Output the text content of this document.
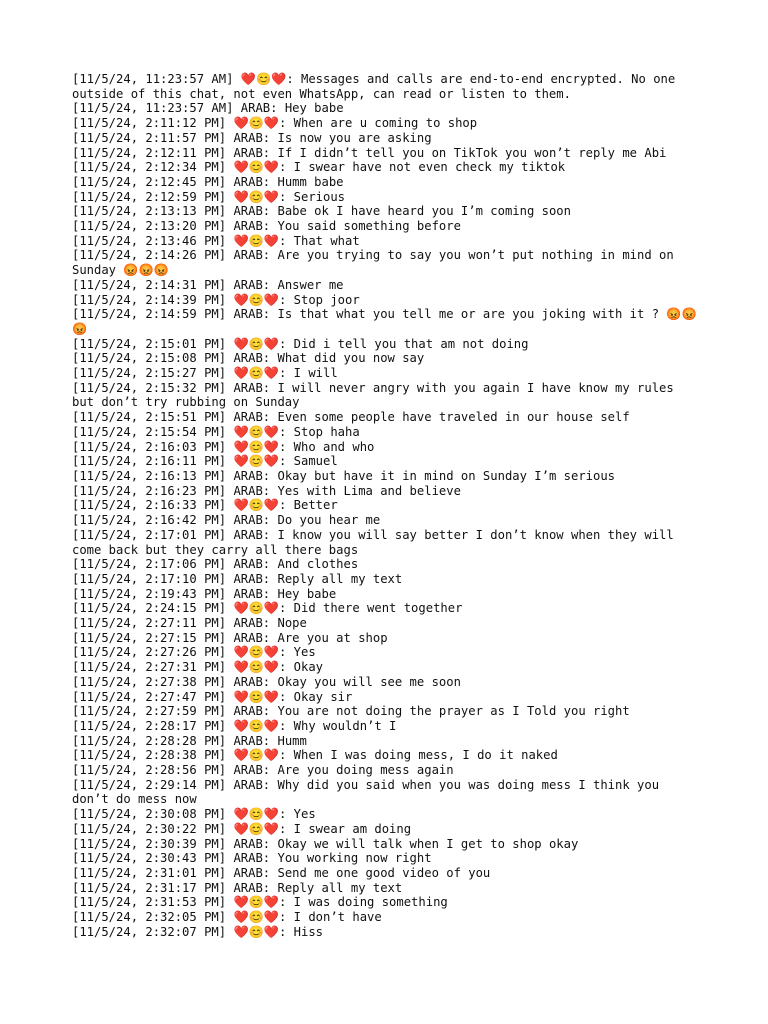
[11/5/24, 11:23:57 AM] ❤️😊❤️: Messages and calls are end-to-end encrypted. No one outside of this chat, not even WhatsApp, can read or listen to them.
[11/5/24, 11:23:57 AM] ARAB: Hey babe
[11/5/24, 2:11:12 PM] ❤️😊❤️: When are u coming to shop
[11/5/24, 2:11:57 PM] ARAB: Is now you are asking
[11/5/24, 2:12:11 PM] ARAB: If I didn’t tell you on TikTok you won’t reply me Abi
[11/5/24, 2:12:34 PM] ❤️😊❤️: I swear have not even check my tiktok
[11/5/24, 2:12:45 PM] ARAB: Humm babe
[11/5/24, 2:12:59 PM] ❤️😊❤️: Serious
[11/5/24, 2:13:13 PM] ARAB: Babe ok I have heard you I’m coming soon
[11/5/24, 2:13:20 PM] ARAB: You said something before
[11/5/24, 2:13:46 PM] ❤️😊❤️: That what
[11/5/24, 2:14:26 PM] ARAB: Are you trying to say you won’t put nothing in mind on Sunday 😡😡😡
[11/5/24, 2:14:31 PM] ARAB: Answer me
[11/5/24, 2:14:39 PM] ❤️😊❤️: Stop joor
[11/5/24, 2:14:59 PM] ARAB: Is that what you tell me or are you joking with it ? 😡😡😡
[11/5/24, 2:15:01 PM] ❤️😊❤️: Did i tell you that am not doing
[11/5/24, 2:15:08 PM] ARAB: What did you now say
[11/5/24, 2:15:27 PM] ❤️😊❤️: I will
[11/5/24, 2:15:32 PM] ARAB: I will never angry with you again I have know my rules but don’t try rubbing on Sunday
[11/5/24, 2:15:51 PM] ARAB: Even some people have traveled in our house self
[11/5/24, 2:15:54 PM] ❤️😊❤️: Stop haha
[11/5/24, 2:16:03 PM] ❤️😊❤️: Who and who
[11/5/24, 2:16:11 PM] ❤️😊❤️: Samuel
[11/5/24, 2:16:13 PM] ARAB: Okay but have it in mind on Sunday I’m serious
[11/5/24, 2:16:23 PM] ARAB: Yes with Lima and believe
[11/5/24, 2:16:33 PM] ❤️😊❤️: Better
[11/5/24, 2:16:42 PM] ARAB: Do you hear me
[11/5/24, 2:17:01 PM] ARAB: I know you will say better I don’t know when they will come back but they carry all there bags
[11/5/24, 2:17:06 PM] ARAB: And clothes
[11/5/24, 2:17:10 PM] ARAB: Reply all my text
[11/5/24, 2:19:43 PM] ARAB: Hey babe
[11/5/24, 2:24:15 PM] ❤️😊❤️: Did there went together
[11/5/24, 2:27:11 PM] ARAB: Nope
[11/5/24, 2:27:15 PM] ARAB: Are you at shop
[11/5/24, 2:27:26 PM] ❤️😊❤️: Yes
[11/5/24, 2:27:31 PM] ❤️😊❤️: Okay
[11/5/24, 2:27:38 PM] ARAB: Okay you will see me soon
[11/5/24, 2:27:47 PM] ❤️😊❤️: Okay sir
[11/5/24, 2:27:59 PM] ARAB: You are not doing the prayer as I Told you right
[11/5/24, 2:28:17 PM] ❤️😊❤️: Why wouldn’t I
[11/5/24, 2:28:28 PM] ARAB: Humm
[11/5/24, 2:28:38 PM] ❤️😊❤️: When I was doing mess, I do it naked
[11/5/24, 2:28:56 PM] ARAB: Are you doing mess again
[11/5/24, 2:29:14 PM] ARAB: Why did you said when you was doing mess I think you don’t do mess now
[11/5/24, 2:30:08 PM] ❤️😊❤️: Yes
[11/5/24, 2:30:22 PM] ❤️😊❤️: I swear am doing
[11/5/24, 2:30:39 PM] ARAB: Okay we will talk when I get to shop okay
[11/5/24, 2:30:43 PM] ARAB: You working now right
[11/5/24, 2:31:01 PM] ARAB: Send me one good video of you
[11/5/24, 2:31:17 PM] ARAB: Reply all my text
[11/5/24, 2:31:53 PM] ❤️😊❤️: I was doing something
[11/5/24, 2:32:05 PM] ❤️😊❤️: I don’t have
[11/5/24, 2:32:07 PM] ❤️😊❤️: Hiss
